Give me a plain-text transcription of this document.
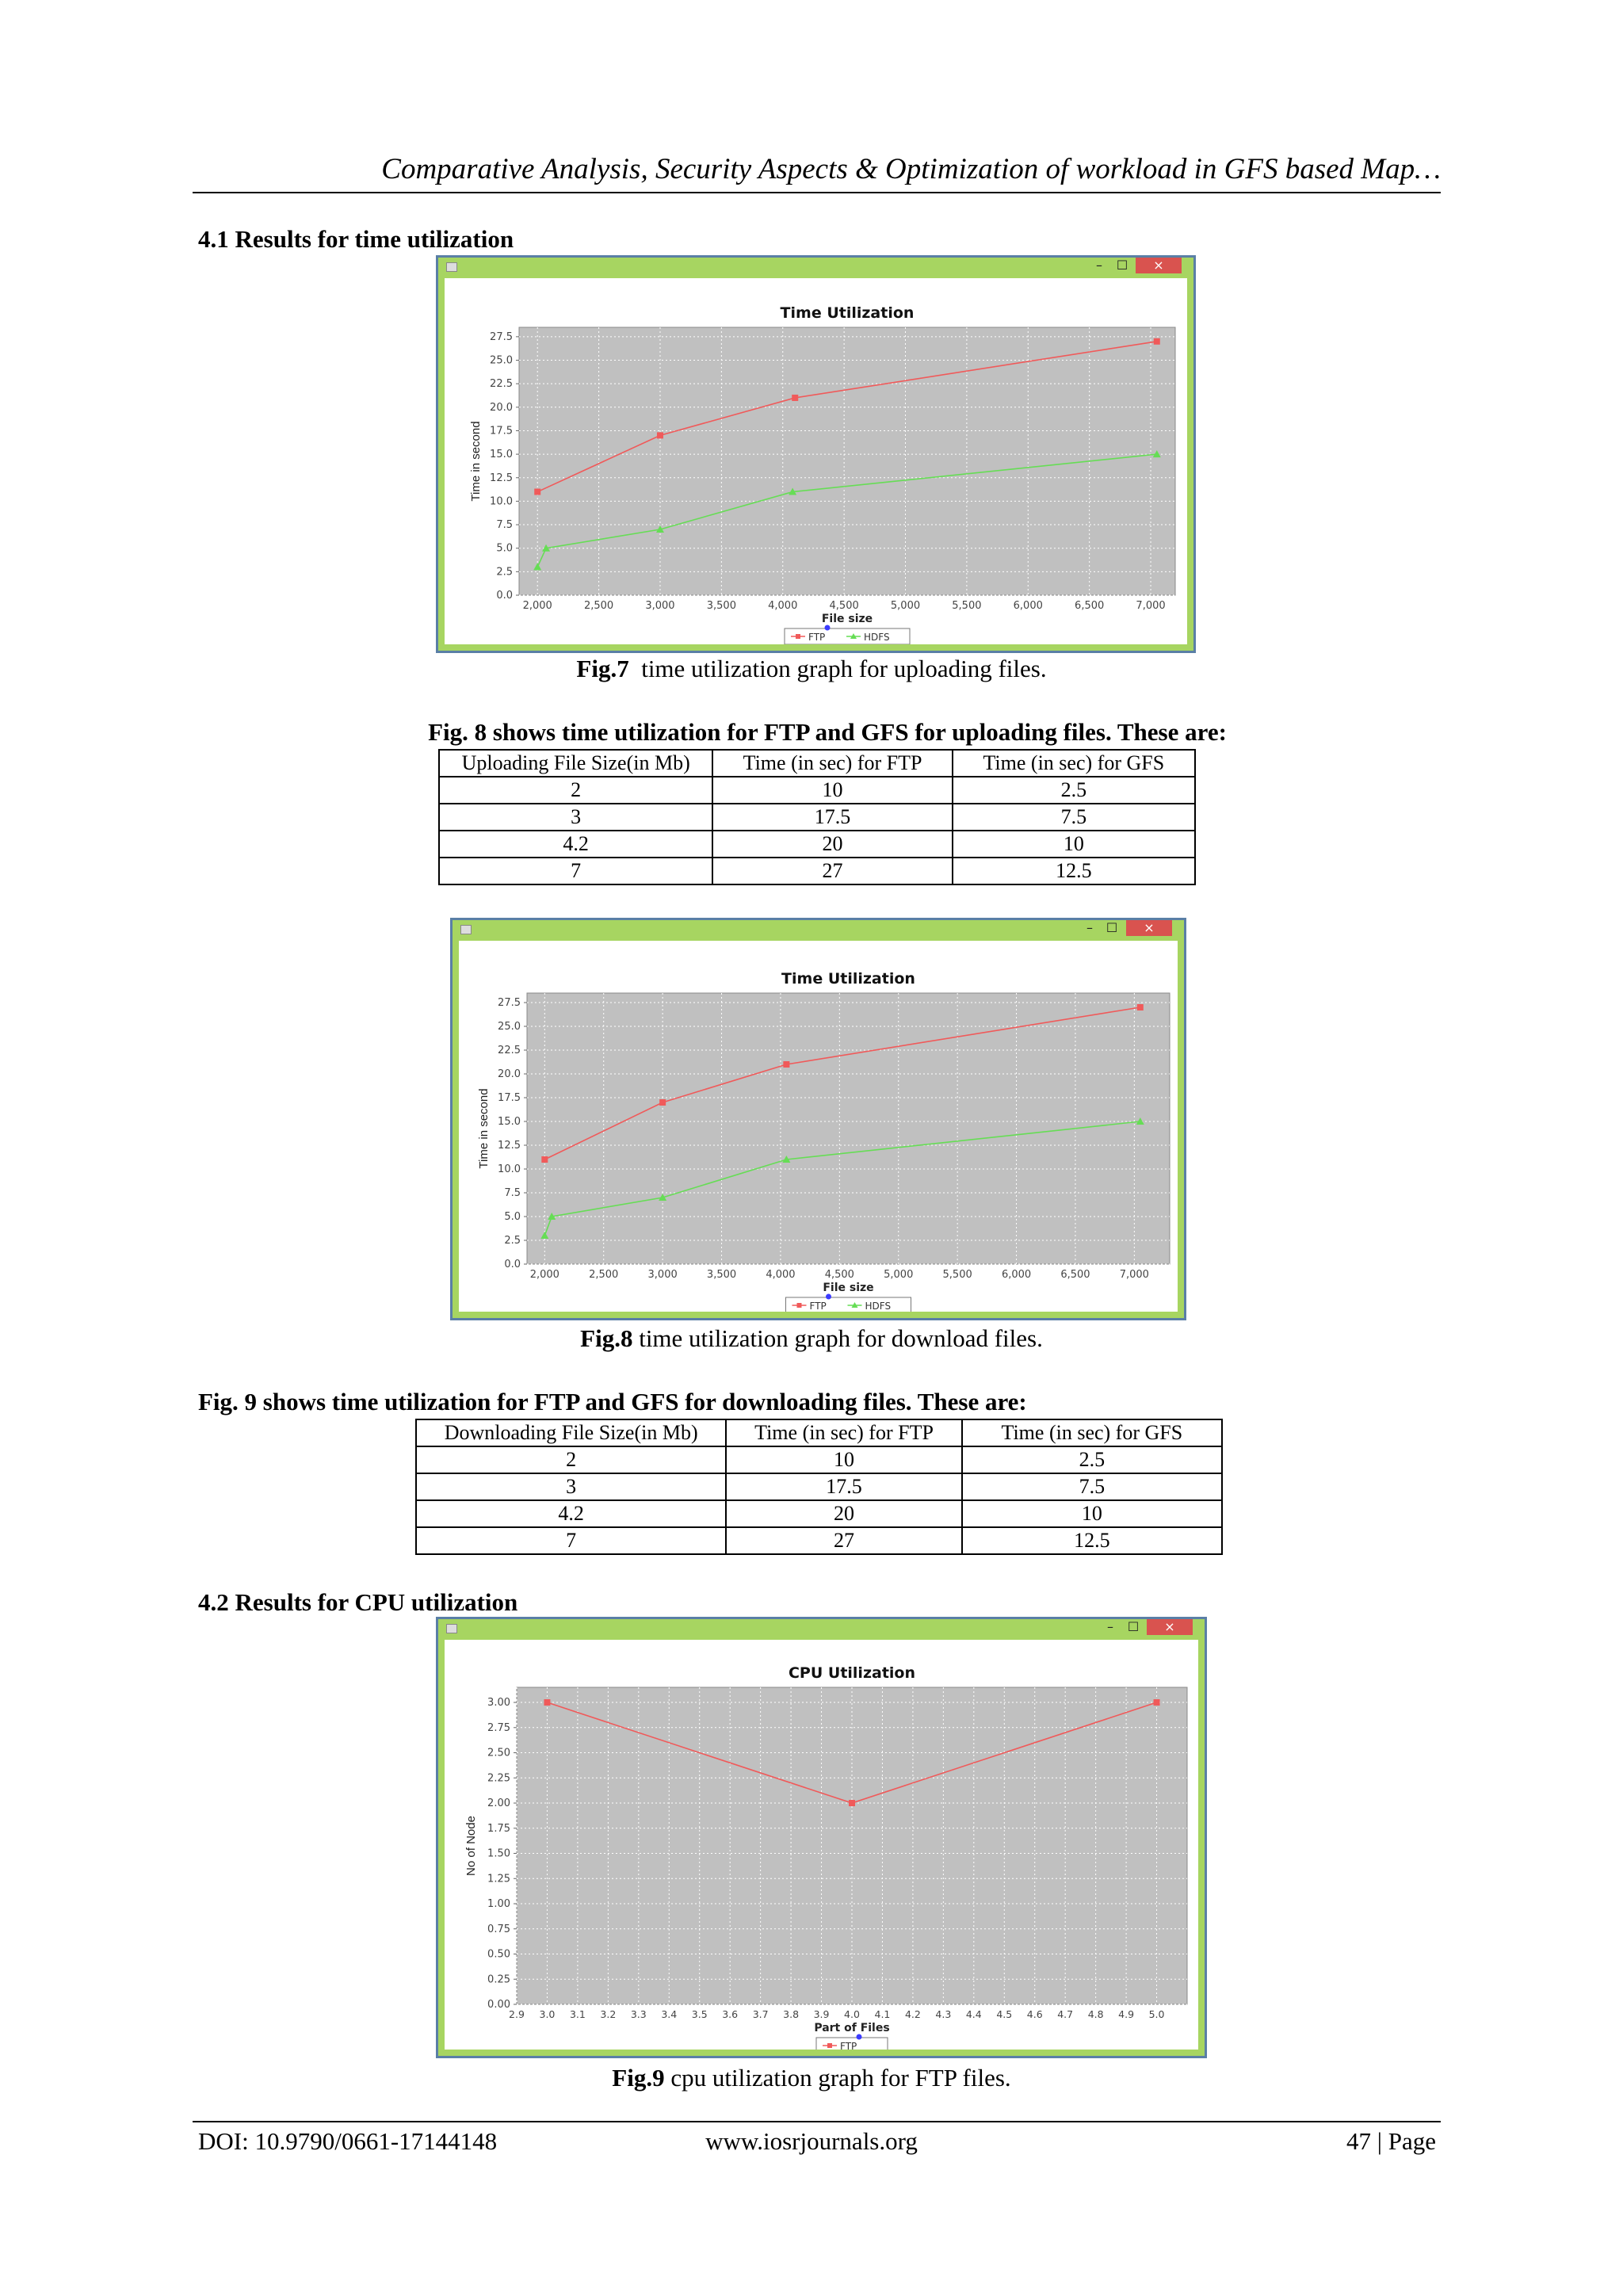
Comparative Analysis, Security Aspects & Optimization of workload in GFS based Map…
4.1 Results for time utilization
–	☐	×
Time Utilization
2,000	2,500	3,000	3,500	4,000	4,500	5,000	5,500	6,000	6,500	7,000
0.0
2.5
5.0
7.5
10.0
12.5
15.0
17.5
20.0
22.5
25.0
27.5
File size
Time in second
FTP	HDFS
Fig.7  time utilization graph for uploading files.
Fig. 8 shows time utilization for FTP and GFS for uploading files. These are:
Uploading File Size(in Mb)	Time (in sec) for FTP	Time (in sec) for GFS
2	10	2.5
3	17.5	7.5
4.2	20	10
7	27	12.5
–	☐	×
Time Utilization
2,000	2,500	3,000	3,500	4,000	4,500	5,000	5,500	6,000	6,500	7,000
0.0
2.5
5.0
7.5
10.0
12.5
15.0
17.5
20.0
22.5
25.0
27.5
File size
Time in second
FTP	HDFS
Fig.8 time utilization graph for download files.
Fig. 9 shows time utilization for FTP and GFS for downloading files. These are:
Downloading File Size(in Mb)	Time (in sec) for FTP	Time (in sec) for GFS
2	10	2.5
3	17.5	7.5
4.2	20	10
7	27	12.5
4.2 Results for CPU utilization
–	☐	×
CPU Utilization
2.9 3.0 3.1 3.2 3.3 3.4 3.5 3.6 3.7 3.8 3.9 4.0 4.1 4.2 4.3 4.4 4.5 4.6 4.7 4.8 4.9 5.0
0.00
0.25
0.50
0.75
1.00
1.25
1.50
1.75
2.00
2.25
2.50
2.75
3.00
Part of Files
No of Node
FTP
Fig.9 cpu utilization graph for FTP files.
DOI: 10.9790/0661-17144148	www.iosrjournals.org	47 | Page
